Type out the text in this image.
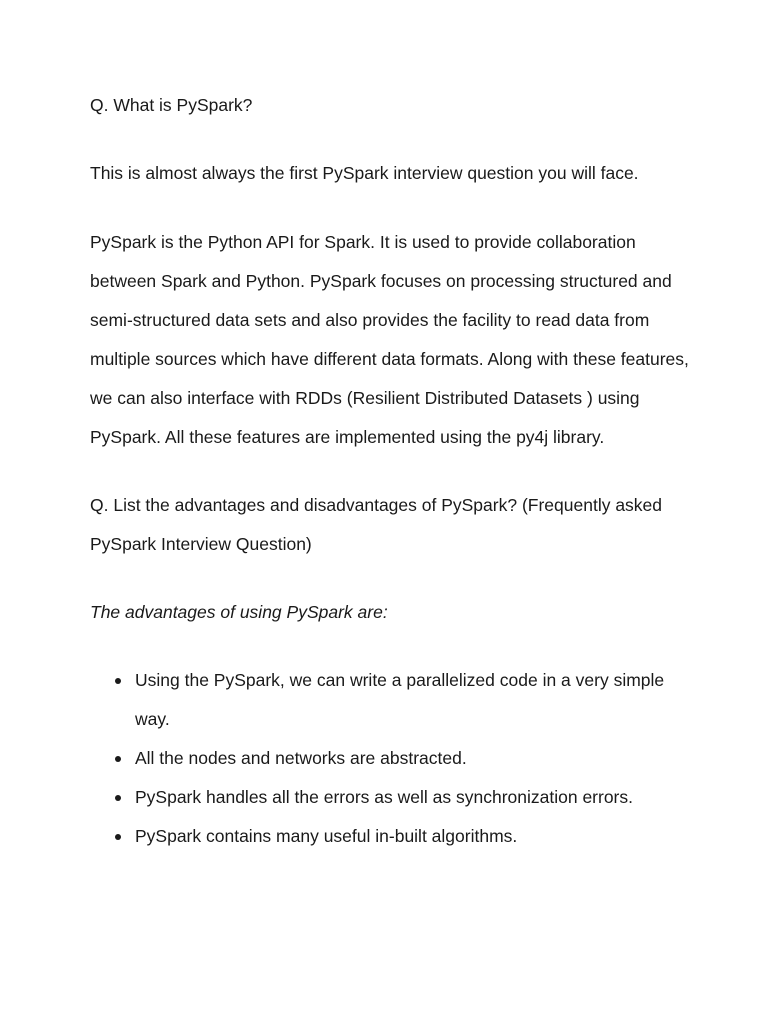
Q. What is PySpark?

This is almost always the first PySpark interview question you will face.

PySpark is the Python API for Spark. It is used to provide collaboration between Spark and Python. PySpark focuses on processing structured and semi-structured data sets and also provides the facility to read data from multiple sources which have different data formats. Along with these features, we can also interface with RDDs (Resilient Distributed Datasets ) using PySpark. All these features are implemented using the py4j library.

Q. List the advantages and disadvantages of PySpark? (Frequently asked PySpark Interview Question)

The advantages of using PySpark are:

Using the PySpark, we can write a parallelized code in a very simple way.
All the nodes and networks are abstracted.
PySpark handles all the errors as well as synchronization errors.
PySpark contains many useful in-built algorithms.
